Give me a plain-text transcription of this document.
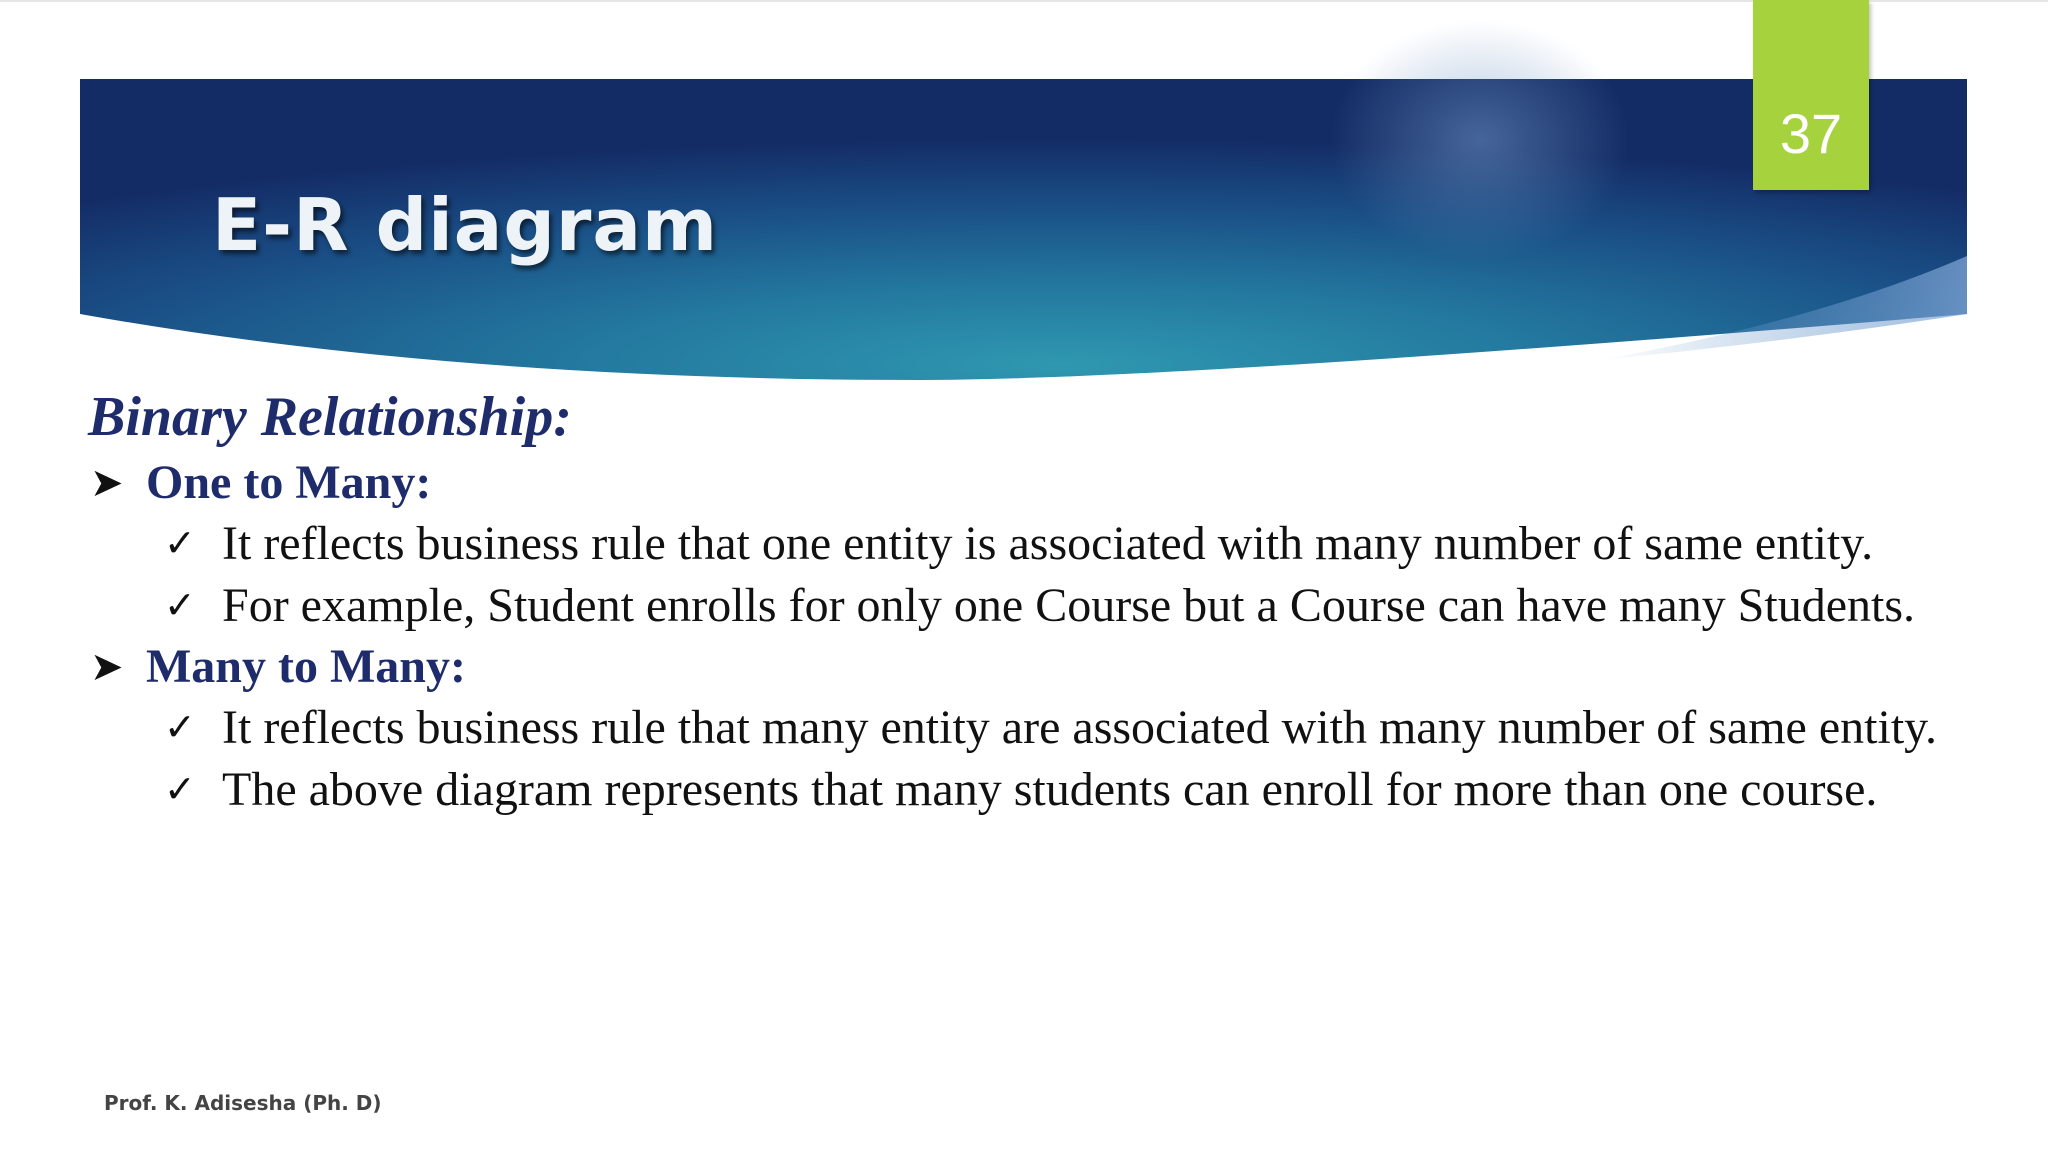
E-R diagram
37
Binary Relationship:
➤ One to Many:

✓ It reflects business rule that one entity is associated with many number of same entity.

✓ For example, Student enrolls for only one Course but a Course can have many Students.

➤ Many to Many:

✓ It reflects business rule that many entity are associated with many number of same entity.

✓ The above diagram represents that many students can enroll for more than one course.

Prof. K. Adisesha (Ph. D)
